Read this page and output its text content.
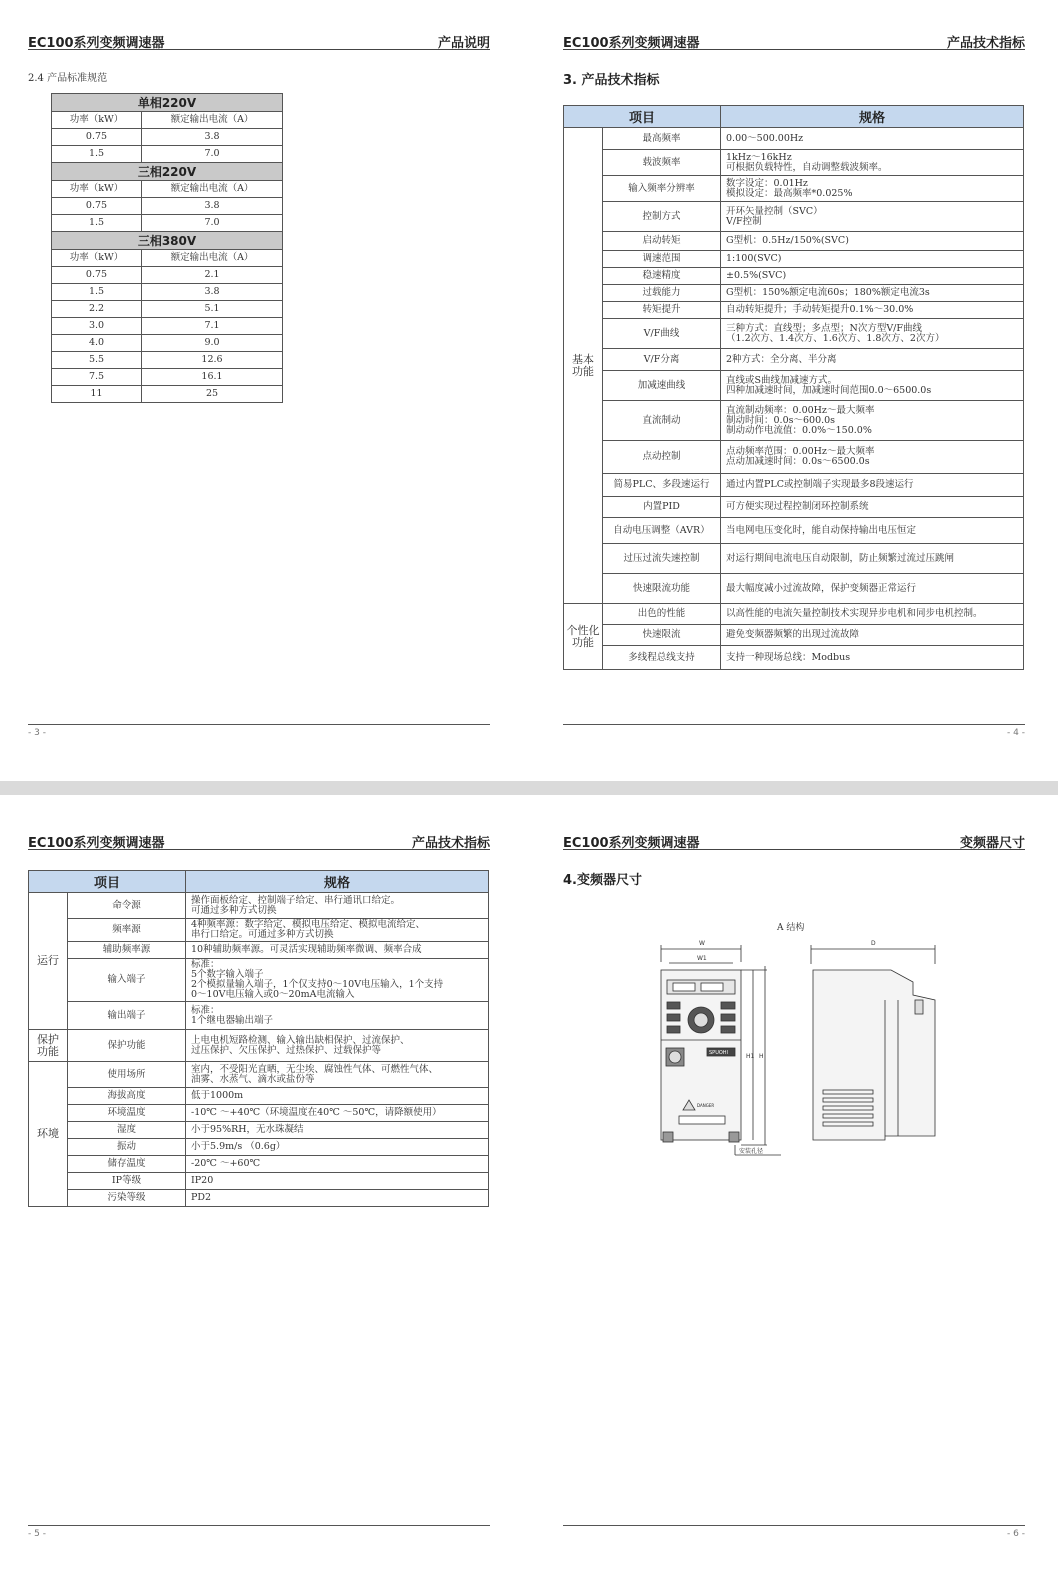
EC100系列变频调速器	产品说明
2.4 产品标准规范
单相220V	
功率（kW）	额定输出电流（A）
0.75	3.8
1.5	7.0
三相220V	
功率（kW）	额定输出电流（A）
0.75	3.8
1.5	7.0
三相380V	
功率（kW）	额定输出电流（A）
0.75	2.1
1.5	3.8
2.2	5.1
3.0	7.1
4.0	9.0
5.5	12.6
7.5	16.1
11	25
- 3 -
EC100系列变频调速器	产品技术指标
3. 产品技术指标
项目		规格
基本
功能	最高频率	0.00～500.00Hz
	载波频率	1kHz～16kHz
可根据负载特性，自动调整载波频率。
	输入频率分辨率	数字设定：0.01Hz
模拟设定：最高频率*0.025%
	控制方式	开环矢量控制（SVC）
V/F控制
	启动转矩	G型机：0.5Hz/150%(SVC)
	调速范围	1:100(SVC)
	稳速精度	±0.5%(SVC)
	过载能力	G型机：150%额定电流60s；180%额定电流3s
	转矩提升	自动转矩提升；手动转矩提升0.1%～30.0%
	V/F曲线	三种方式：直线型；多点型；N次方型V/F曲线
（1.2次方、1.4次方、1.6次方、1.8次方、2次方）
	V/F分离	2种方式：全分离、半分离
	加减速曲线	直线或S曲线加减速方式。
四种加减速时间，加减速时间范围0.0～6500.0s
	直流制动	直流制动频率：0.00Hz～最大频率
制动时间：0.0s～600.0s
制动动作电流值：0.0%～150.0%
	点动控制	点动频率范围：0.00Hz～最大频率
点动加减速时间：0.0s～6500.0s
	简易PLC、多段速运行	通过内置PLC或控制端子实现最多8段速运行
	内置PID	可方便实现过程控制闭环控制系统
	自动电压调整（AVR）	当电网电压变化时，能自动保持输出电压恒定
	过压过流失速控制	对运行期间电流电压自动限制，防止频繁过流过压跳闸
	快速限流功能	最大幅度减小过流故障，保护变频器正常运行
个性化
功能	出色的性能	以高性能的电流矢量控制技术实现异步电机和同步电机控制。
	快速限流	避免变频器频繁的出现过流故障
	多线程总线支持	支持一种现场总线：Modbus
- 4 -
EC100系列变频调速器	产品技术指标
项目		规格
运行	命令源	操作面板给定、控制端子给定、串行通讯口给定。
可通过多种方式切换
	频率源	4种频率源：数字给定、模拟电压给定、模拟电流给定、
串行口给定。可通过多种方式切换
	辅助频率源	10种辅助频率源。可灵活实现辅助频率微调、频率合成
	输入端子	标准：
5个数字输入端子
2个模拟量输入端子，1个仅支持0～10V电压输入，1个支持
0～10V电压输入或0～20mA电流输入
	输出端子	标准：
1个继电器输出端子
保护
功能	保护功能	上电电机短路检测、输入输出缺相保护、过流保护、
过压保护、欠压保护、过热保护、过载保护等
环境	使用场所	室内，不受阳光直晒，无尘埃、腐蚀性气体、可燃性气体、
油雾、水蒸气、滴水或盐份等
	海拔高度	低于1000m
	环境温度	-10℃ ～+40℃（环境温度在40℃ ～50℃，请降额使用）
	湿度	小于95%RH，无水珠凝结
	振动	小于5.9m/s （0.6g）
	储存温度	-20℃ ～+60℃
	IP等级	IP20
	污染等级	PD2
- 5 -
EC100系列变频调速器	变频器尺寸
4.变频器尺寸
A 结构
W
W1
H1 H
D
安装孔径
DANGER
SPUOHI
- 6 -
